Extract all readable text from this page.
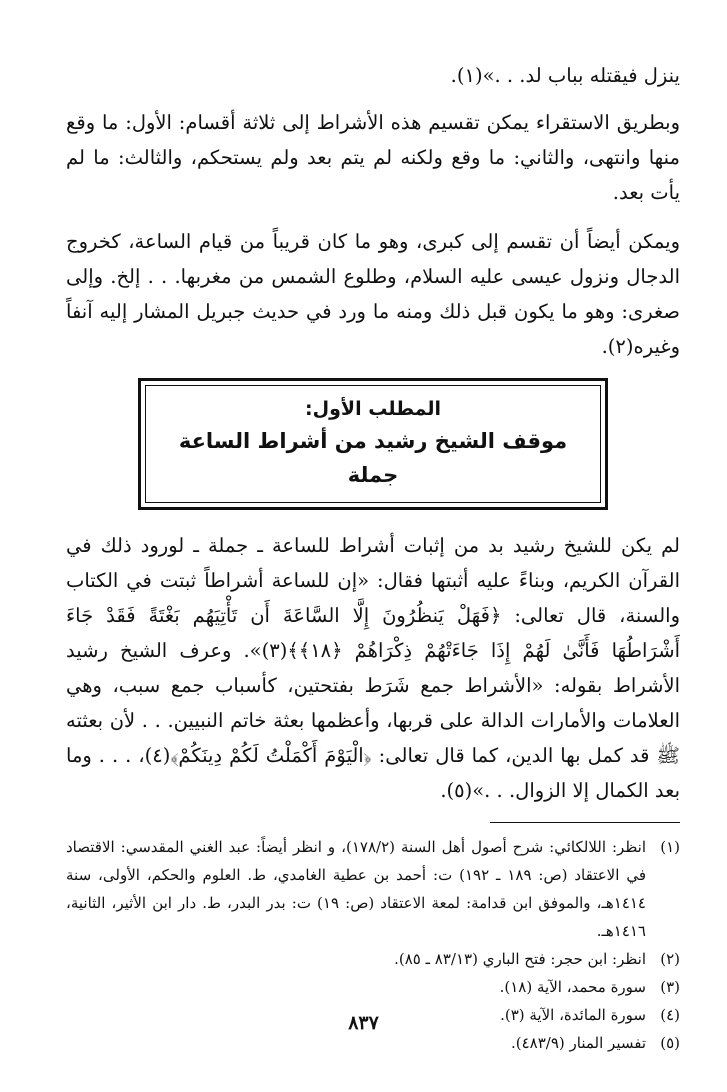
ينزل فيقتله بباب لد. . .»(١).

وبطريق الاستقراء يمكن تقسيم هذه الأشراط إلى ثلاثة أقسام: الأول: ما وقع منها وانتهى، والثاني: ما وقع ولكنه لم يتم بعد ولم يستحكم، والثالث: ما لم يأت بعد.

ويمكن أيضاً أن تقسم إلى كبرى، وهو ما كان قريباً من قيام الساعة، كخروج الدجال ونزول عيسى عليه السلام، وطلوع الشمس من مغربها. . . إلخ. وإلى صغرى: وهو ما يكون قبل ذلك ومنه ما ورد في حديث جبريل المشار إليه آنفاً وغيره(٢).

المطلب الأول:
موقف الشيخ رشيد من أشراط الساعة جملة

لم يكن للشيخ رشيد بد من إثبات أشراط للساعة ـ جملة ـ لورود ذلك في القرآن الكريم، وبناءً عليه أثبتها فقال: «إن للساعة أشراطاً ثبتت في الكتاب والسنة، قال تعالى: ﴿فَهَلْ يَنظُرُونَ إِلَّا السَّاعَةَ أَن تَأْتِيَهُم بَغْتَةً فَقَدْ جَاءَ أَشْرَاطُهَا فَأَنَّىٰ لَهُمْ إِذَا جَاءَتْهُمْ ذِكْرَاهُمْ ﴿١٨﴾﴾(٣)». وعرف الشيخ رشيد الأشراط بقوله: «الأشراط جمع شَرَط بفتحتين، كأسباب جمع سبب، وهي العلامات والأمارات الدالة على قربها، وأعظمها بعثة خاتم النبيين. . . لأن بعثته ﷺ قد كمل بها الدين، كما قال تعالى: ﴿الْيَوْمَ أَكْمَلْتُ لَكُمْ دِينَكُمْ﴾(٤)، . . . وما بعد الكمال إلا الزوال. . .»(٥).

(١)
انظر: اللالكائي: شرح أصول أهل السنة (١٧٨/٢)، و انظر أيضاً: عبد الغني المقدسي: الاقتصاد في الاعتقاد (ص: ١٨٩ ـ ١٩٢) ت: أحمد بن عطية الغامدي، ط. العلوم والحكم، الأولى، سنة ١٤١٤هـ، والموفق ابن قدامة: لمعة الاعتقاد (ص: ١٩) ت: بدر البدر، ط. دار ابن الأثير، الثانية، ١٤١٦هـ.
(٢)
انظر: ابن حجر: فتح الباري (٨٣/١٣ ـ ٨٥).
(٣)
سورة محمد، الآية (١٨).
(٤)
سورة المائدة، الآية (٣).
(٥)
تفسير المنار (٤٨٣/٩).
٨٣٧
